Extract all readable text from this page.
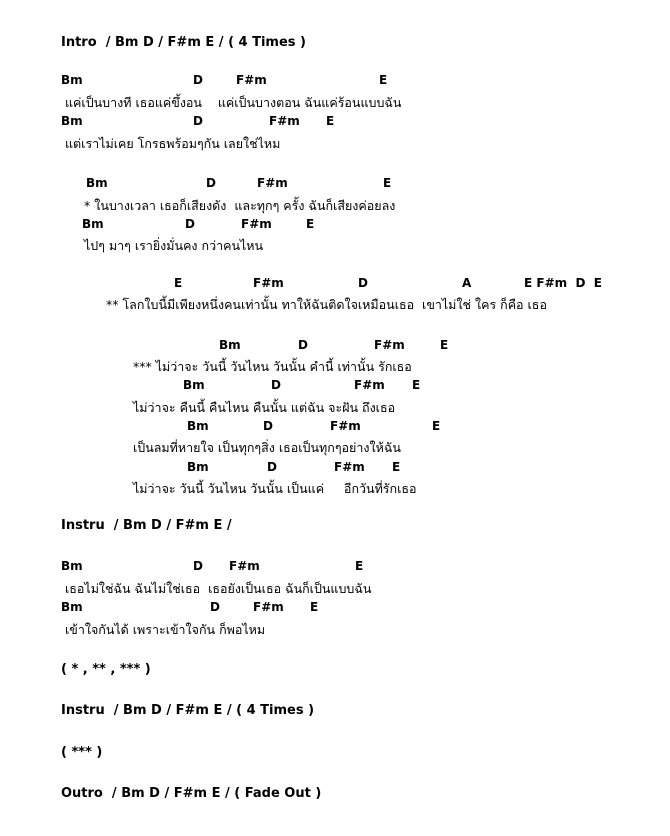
Intro  / Bm D / F#m E / ( 4 Times )

Bm

	D

	F#m

	E

แค่เป็นบางที เธอแค่ขึ้งอน    แค่เป็นบางตอน ฉันแค่ร้อนแบบฉัน

Bm

	D

	F#m

E

แต่เราไม่เคย โกรธพร้อมๆกัน เลยใช่ไหม

Bm

	D

	F#m

	E

* ในบางเวลา เธอก็เสียงดัง  และทุกๆ ครั้ง ฉันก็เสียงค่อยลง

Bm

	D

	F#m

	E

ไปๆ มาๆ เรายิ่งมั่นคง กว่าคนไหน

E

	F#m

	D

	A

	E F#m  D  E

** โลกใบนี้มีเพียงหนึ่งคนเท่านั้น ทาให้ฉันติดใจเหมือนเธอ  เขาไม่ใช่ ใคร ก็คือ เธอ

Bm

	D

	F#m

	E

*** ไม่ว่าจะ วันนี้ วันไหน วันนั้น คำนี้ เท่านั้น รักเธอ

Bm

	D

	F#m

E

ไม่ว่าจะ คืนนี้ คืนไหน คืนนั้น แต่ฉัน จะฝัน ถึงเธอ

Bm

	D

	F#m

	E

เป็นลมที่หายใจ เป็นทุกๆสิ่ง เธอเป็นทุกๆอย่างให้ฉัน

Bm

	D

	F#m

E

ไม่ว่าจะ วันนี้ วันไหน วันนั้น เป็นแค่     อีกวันที่รักเธอ
Instru  / Bm D / F#m E /

Bm

	D

F#m

	E

เธอไม่ใช่ฉัน ฉันไม่ใช่เธอ  เธอยังเป็นเธอ ฉันก็เป็นแบบฉัน

Bm

	D

	F#m

E

เข้าใจกันได้ เพราะเข้าใจกัน ก็พอไหม
( * , ** , *** )
Instru  / Bm D / F#m E / ( 4 Times )
( *** )
Outro  / Bm D / F#m E / ( Fade Out )
